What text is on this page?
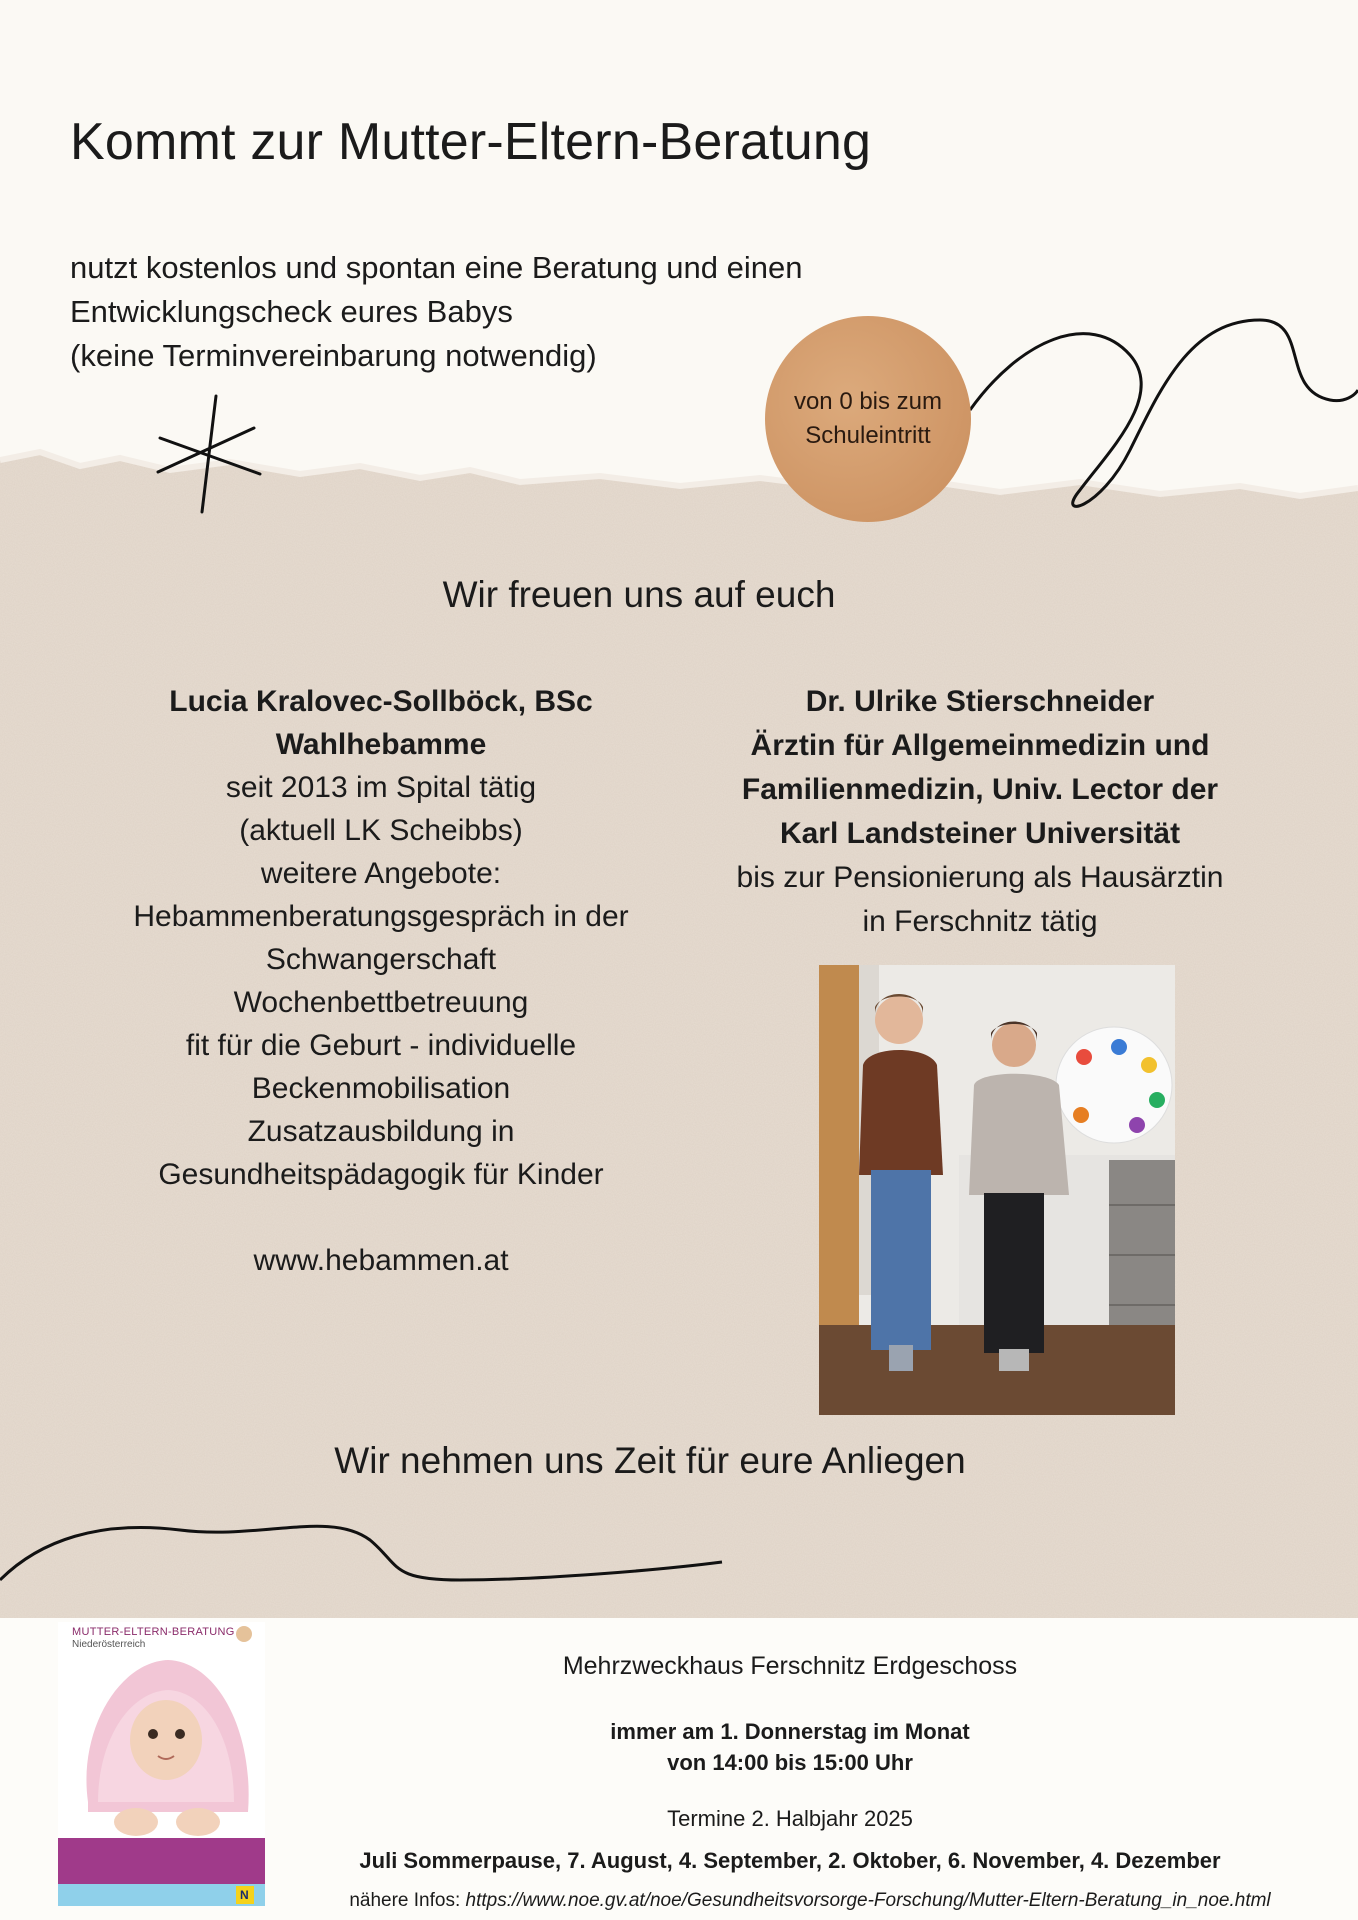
Kommt zur Mutter-Eltern-Beratung
nutzt kostenlos und spontan eine Beratung und einen
Entwicklungscheck eures Babys
(keine Terminvereinbarung notwendig)
von 0 bis zum
Schuleintritt
Wir freuen uns auf euch
Lucia Kralovec-Sollböck, BSc
Wahlhebamme
seit 2013 im Spital tätig
(aktuell LK Scheibbs)
weitere Angebote:
Hebammenberatungsgespräch in der
Schwangerschaft
Wochenbettbetreuung
fit für die Geburt - individuelle
Beckenmobilisation
Zusatzausbildung in
Gesundheitspädagogik für Kinder
www.hebammen.at
Dr. Ulrike Stierschneider
Ärztin für Allgemeinmedizin und
Familienmedizin, Univ. Lector der
Karl Landsteiner Universität
bis zur Pensionierung als Hausärztin
in Ferschnitz tätig
Wir nehmen uns Zeit für eure Anliegen
MUTTER-ELTERN-BERATUNG
Niederösterreich
N
Mehrzweckhaus Ferschnitz Erdgeschoss
immer am 1. Donnerstag im Monat
von 14:00 bis 15:00 Uhr
Termine 2. Halbjahr 2025
Juli Sommerpause, 7. August, 4. September, 2. Oktober, 6. November, 4. Dezember
nähere Infos: https://www.noe.gv.at/noe/Gesundheitsvorsorge-Forschung/Mutter-Eltern-Beratung_in_noe.html
